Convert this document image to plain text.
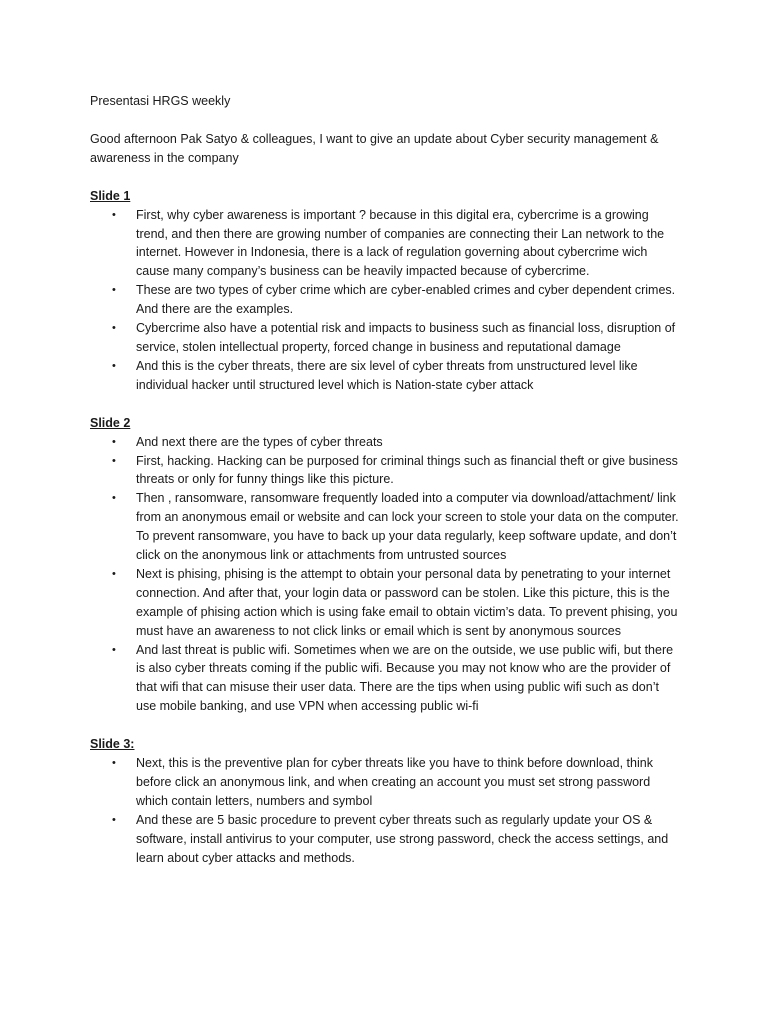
Presentasi HRGS weekly

Good afternoon Pak Satyo & colleagues, I want to give an update about Cyber security management & awareness in the company

Slide 1

• First, why cyber awareness is important ? because in this digital era, cybercrime is a growing trend, and then there are growing number of companies are connecting their Lan network to the internet. However in Indonesia, there is a lack of regulation governing about cybercrime wich cause many company’s business can be heavily impacted because of cybercrime.
• These are two types of cyber crime which are cyber-enabled crimes and cyber dependent crimes. And there are the examples.
• Cybercrime also have a potential risk and impacts to business such as financial loss, disruption of service, stolen intellectual property, forced change in business and reputational damage
• And this is the cyber threats, there are six level of cyber threats from unstructured level like individual hacker until structured level which is Nation-state cyber attack

Slide 2

• And next there are the types of cyber threats
• First, hacking. Hacking can be purposed for criminal things such as financial theft or give business threats or only for funny things like this picture.
• Then , ransomware, ransomware frequently loaded into a computer via download/attachment/ link from an anonymous email or website and can lock your screen to stole your data on the computer. To prevent ransomware, you have to back up your data regularly, keep software update, and don’t click on the anonymous link or attachments from untrusted sources
• Next is phising, phising is the attempt to obtain your personal data by penetrating to your internet connection. And after that, your login data or password can be stolen. Like this picture, this is the example of phising action which is using fake email to obtain victim’s data. To prevent phising, you must have an awareness to not click links or email which is sent by anonymous sources
• And last threat is public wifi. Sometimes when we are on the outside, we use public wifi, but there is also cyber threats coming if the public wifi. Because you may not know who are the provider of that wifi that can misuse their user data. There are the tips when using public wifi such as don’t use mobile banking, and use VPN when accessing public wi-fi

Slide 3:

• Next, this is the preventive plan for cyber threats like you have to think before download, think before click an anonymous link, and when creating an account you must set strong password which contain letters, numbers and symbol
• And these are 5 basic procedure to prevent cyber threats such as regularly update your OS & software, install antivirus to your computer, use strong password, check the access settings, and learn about cyber attacks and methods.
